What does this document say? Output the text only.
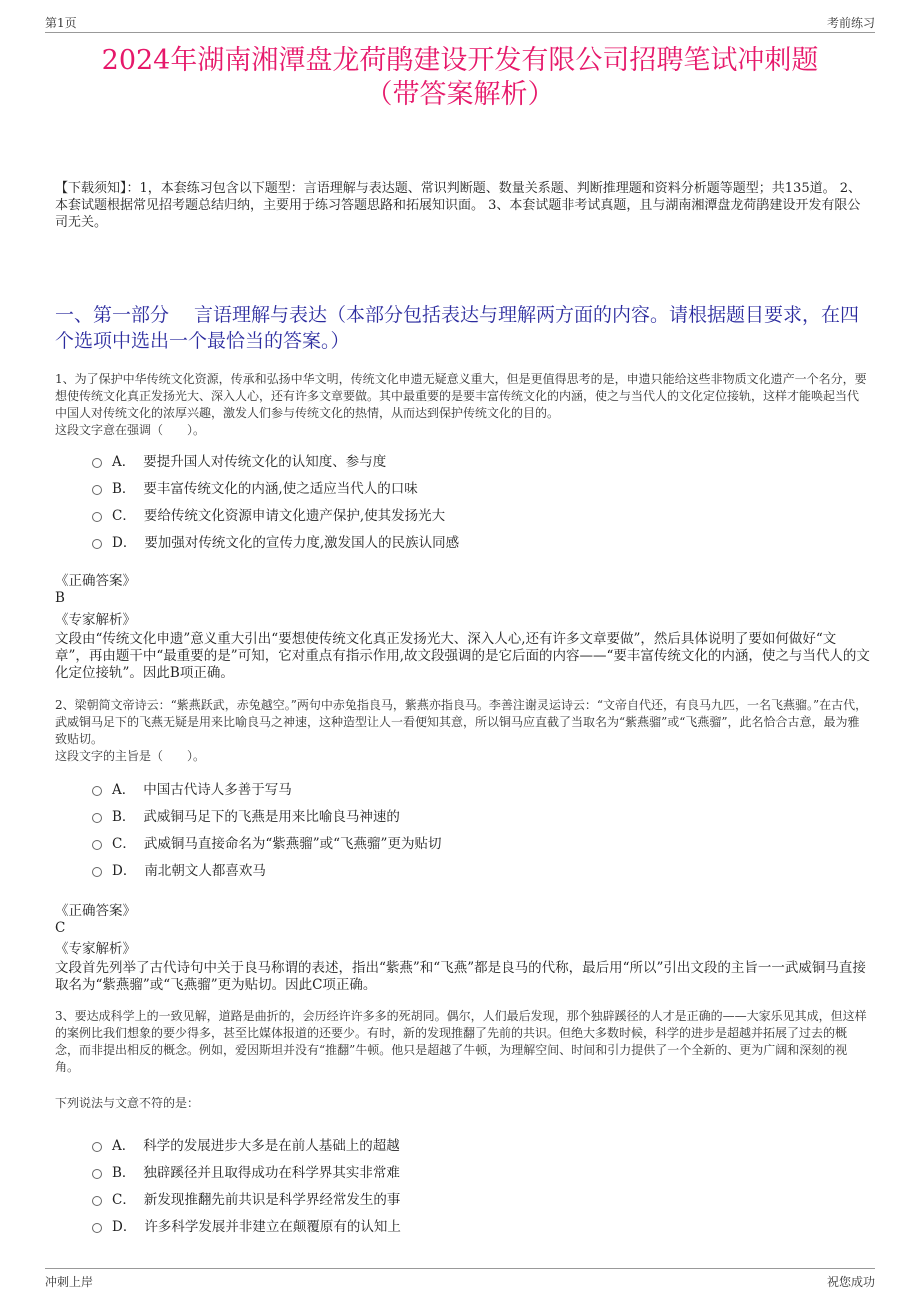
第1页	考前练习
2024年湖南湘潭盘龙荷鹃建设开发有限公司招聘笔试冲刺题
（带答案解析）
【下载须知】：1，本套练习包含以下题型：言语理解与表达题、常识判断题、数量关系题、判断推理题和资料分析题等题型；共135道。 2、本套试题根据常见招考题总结归纳，主要用于练习答题思路和拓展知识面。 3、本套试题非考试真题，且与湖南湘潭盘龙荷鹃建设开发有限公司无关。
一、第一部分　 言语理解与表达（本部分包括表达与理解两方面的内容。请根据题目要求，在四个选项中选出一个最恰当的答案。）
1、为了保护中华传统文化资源，传承和弘扬中华文明，传统文化申遗无疑意义重大，但是更值得思考的是，申遗只能给这些非物质文化遗产一个名分，要想使传统文化真正发扬光大、深入人心，还有许多文章要做。其中最重要的是要丰富传统文化的内涵，使之与当代人的文化定位接轨，这样才能唤起当代中国人对传统文化的浓厚兴趣，激发人们参与传统文化的热情，从而达到保护传统文化的目的。
这段文字意在强调（　　）。
A． 要提升国人对传统文化的认知度、参与度
B． 要丰富传统文化的内涵,使之适应当代人的口味
C． 要给传统文化资源申请文化遗产保护,使其发扬光大
D． 要加强对传统文化的宣传力度,激发国人的民族认同感
《正确答案》
B
《专家解析》
文段由“传统文化申遗”意义重大引出“要想使传统文化真正发扬光大、深入人心,还有许多文章要做”，然后具体说明了要如何做好“文章”，再由题干中“最重要的是”可知，它对重点有指示作用,故文段强调的是它后面的内容——“要丰富传统文化的内涵，使之与当代人的文化定位接轨”。因此B项正确。
2、梁朝简文帝诗云：“紫燕跃武，赤兔越空。”两句中赤兔指良马，紫燕亦指良马。李善注谢灵运诗云：“文帝自代还，有良马九匹，一名飞燕骝。”在古代，武威铜马足下的飞燕无疑是用来比喻良马之神速，这种造型让人一看便知其意，所以铜马应直截了当取名为“紫燕骝”或“飞燕骝”，此名恰合古意，最为雅致贴切。
这段文字的主旨是（　　）。
A． 中国古代诗人多善于写马
B． 武威铜马足下的飞燕是用来比喻良马神速的
C． 武威铜马直接命名为“紫燕骝”或“飞燕骝”更为贴切
D． 南北朝文人都喜欢马
《正确答案》
C
《专家解析》
文段首先列举了古代诗句中关于良马称谓的表述，指出“紫燕”和“飞燕”都是良马的代称，最后用“所以”引出文段的主旨一一武威铜马直接取名为“紫燕骝”或“飞燕骝”更为贴切。因此C项正确。
3、要达成科学上的一致见解，道路是曲折的，会历经许许多多的死胡同。偶尔，人们最后发现，那个独辟蹊径的人才是正确的——大家乐见其成，但这样的案例比我们想象的要少得多，甚至比媒体报道的还要少。有时，新的发现推翻了先前的共识。但绝大多数时候，科学的进步是超越并拓展了过去的概念，而非提出相反的概念。例如，爱因斯坦并没有“推翻”牛顿。他只是超越了牛顿，为理解空间、时间和引力提供了一个全新的、更为广阔和深刻的视角。
下列说法与文意不符的是：
A． 科学的发展进步大多是在前人基础上的超越
B． 独辟蹊径并且取得成功在科学界其实非常难
C． 新发现推翻先前共识是科学界经常发生的事
D． 许多科学发展并非建立在颠覆原有的认知上
冲刺上岸	祝您成功
